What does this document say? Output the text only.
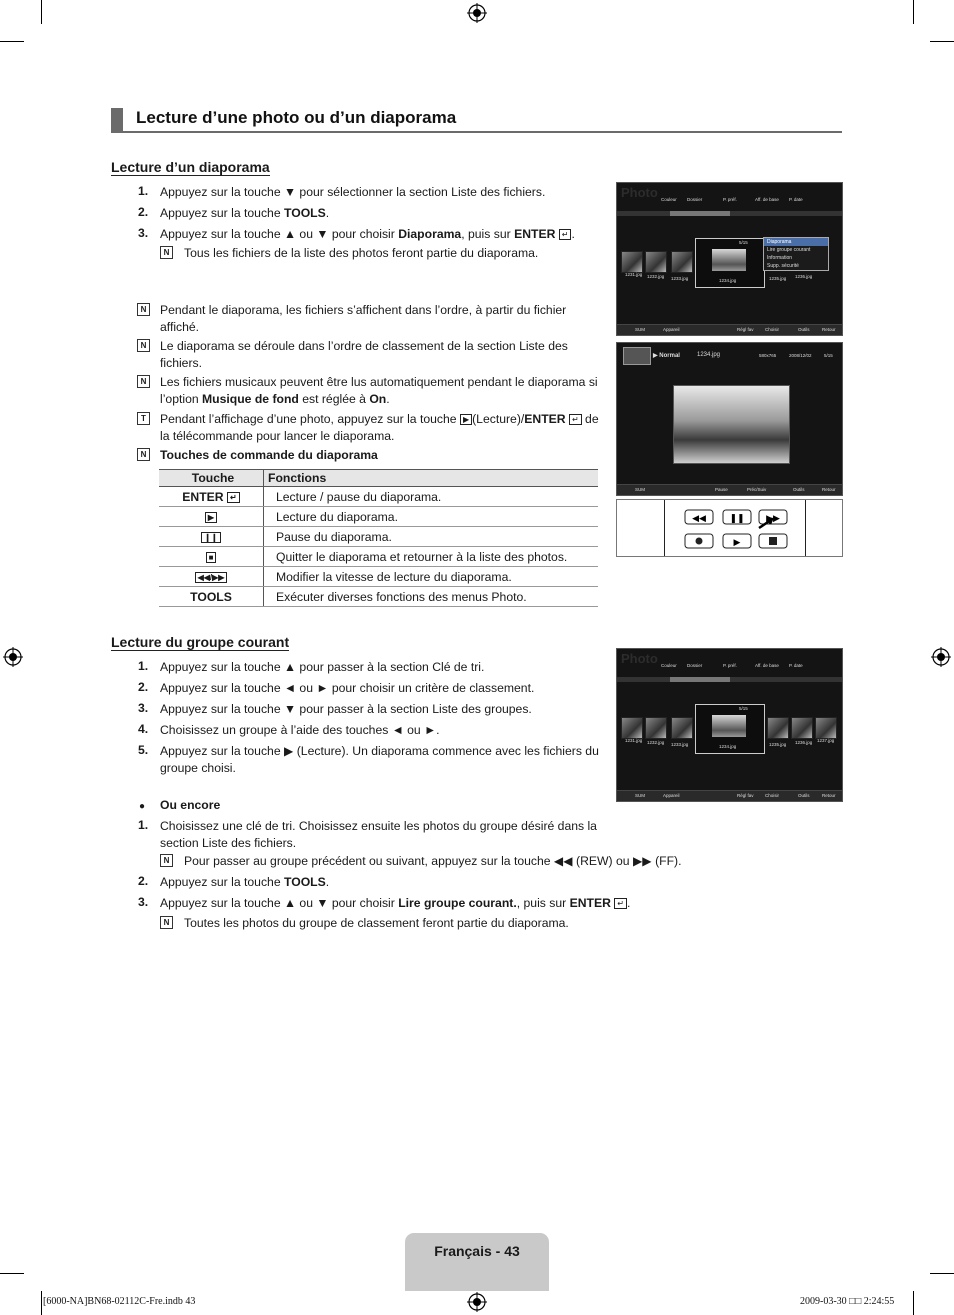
Lecture d’une photo ou d’un diaporama
Lecture d’un diaporama
1. Appuyez sur la touche ▼ pour sélectionner la section Liste des fichiers.
2. Appuyez sur la touche TOOLS.
3. Appuyez sur la touche ▲ ou ▼ pour choisir Diaporama, puis sur ENTER ↵ .
N Tous les fichiers de la liste des photos feront partie du diaporama.
N Pendant le diaporama, les fichiers s’affichent dans l’ordre, à partir du fichier affiché.
N Le diaporama se déroule dans l’ordre de classement de la section Liste des fichiers.
N Les fichiers musicaux peuvent être lus automatiquement pendant le diaporama si l’option Musique de fond est réglée à On.
T	Pendant l’affichage d’une photo, appuyez sur la touche ▶ (Lecture)/ENTER ↵ de la télécommande pour lancer le diaporama.
N Touches de commande du diaporama
Touche	Fonctions
ENTER ↵	Lecture / pause du diaporama.
▶	Lecture du diaporama.
❙❙	Pause du diaporama.
■	Quitter le diaporama et retourner à la liste des photos.
◀◀/▶▶	Modifier la vitesse de lecture du diaporama.
TOOLS	Exécuter diverses fonctions des menus Photo.
Photo Couleur Dossier	P. préf.	Aff. de base P. date
5/15
1231.jpg 1232.jpg 1233.jpg	1234.jpg	1235.jpg 1236.jpg
Diaporama
Lire groupe courant
Information
Supp. sécurité
SUM	Appareil	Régl fav	Choisir	Outils	Retour
▶ Normal	1234.jpg	580x765	2008/12/02	5/15
SUM	Pause	Préc/Suiv	Outils	Retour
◀◀	❚❚ ▶▶
▶
Lecture du groupe courant
1. Appuyez sur la touche ▲ pour passer à la section Clé de tri.
2. Appuyez sur la touche ◄ ou ► pour choisir un critère de classement.
3. Appuyez sur la touche ▼ pour passer à la section Liste des groupes.
4. Choisissez un groupe à l’aide des touches ◄ ou ►.
5. Appuyez sur la touche ▶ (Lecture). Un diaporama commence avec les fichiers du groupe choisi.
● Ou encore
1. Choisissez une clé de tri. Choisissez ensuite les photos du groupe désiré dans la section Liste des fichiers.
N Pour passer au groupe précédent ou suivant, appuyez sur la touche ◀◀ (REW) ou ▶▶ (FF).
2. Appuyez sur la touche TOOLS.
3. Appuyez sur la touche ▲ ou ▼ pour choisir Lire groupe courant., puis sur ENTER ↵ .
N Toutes les photos du groupe de classement feront partie du diaporama.
Photo Couleur Dossier	P. préf.	Aff. de base P. date
5/15
1231.jpg 1232.jpg 1233.jpg	1234.jpg	1235.jpg 1236.jpg 1237.jpg
SUM	Appareil	Régl fav	Choisir	Outils	Retour
Français - 43
[6000-NA]BN68-02112C-Fre.indb 43	2009-03-30 □□ 2:24:55
